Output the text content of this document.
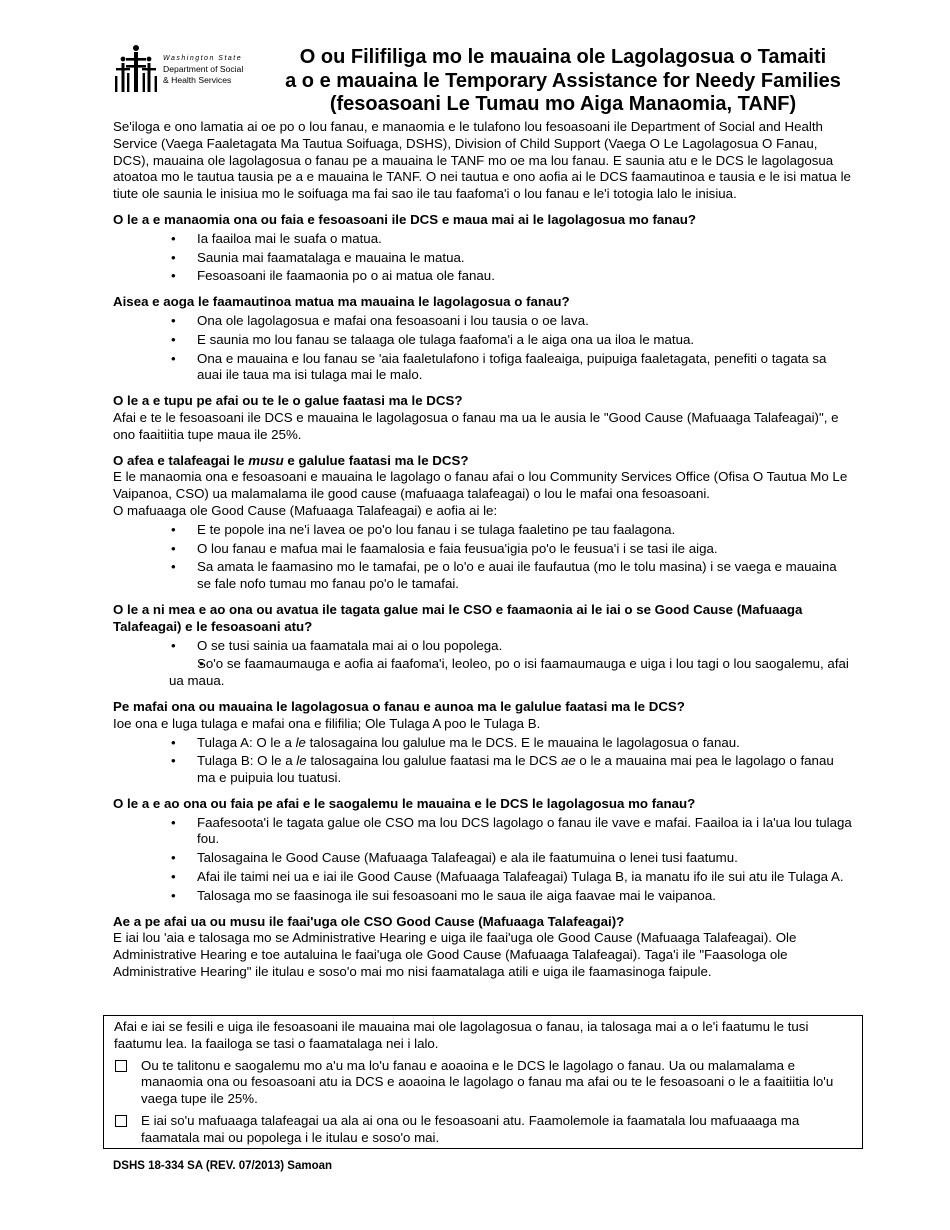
Washington State
Department of Social
& Health Services
O ou Filifiliga mo le mauaina ole Lagolagosua o Tamaiti
a o e mauaina le Temporary Assistance for Needy Families
(fesoasoani Le Tumau mo Aiga Manaomia, TANF)

Se'iloga e ono lamatia ai oe po o lou fanau, e manaomia e le tulafono lou fesoasoani ile Department of Social and Health Service (Vaega Faaletagata Ma Tautua Soifuaga, DSHS), Division of Child Support (Vaega O Le Lagolagosua O Fanau, DCS), mauaina ole lagolagosua o fanau pe a mauaina le TANF mo oe ma lou fanau. E saunia atu e le DCS le lagolagosua atoatoa mo le tautua tausia pe a e mauaina le TANF. O nei tautua e ono aofia ai le DCS faamautinoa e tausia e le isi matua le tiute ole saunia le inisiua mo le soifuaga ma fai sao ile tau faafoma'i o lou fanau e le'i totogia lalo le inisiua.

O le a e manaomia ona ou faia e fesoasoani ile DCS e maua mai ai le lagolagosua mo fanau?

• Ia faailoa mai le suafa o matua.
• Saunia mai faamatalaga e mauaina le matua.
• Fesoasoani ile faamaonia po o ai matua ole fanau.

Aisea e aoga le faamautinoa matua ma mauaina le lagolagosua o fanau?

• Ona ole lagolagosua e mafai ona fesoasoani i lou tausia o oe lava.
• E saunia mo lou fanau se talaaga ole tulaga faafoma'i a le aiga ona ua iloa le matua.
• Ona e mauaina e lou fanau se 'aia faaletulafono i tofiga faaleaiga, puipuiga faaletagata, penefiti o tagata sa auai ile taua ma isi tulaga mai le malo.

O le a e tupu pe afai ou te le o galue faatasi ma le DCS?

Afai e te le fesoasoani ile DCS e mauaina le lagolagosua o fanau ma ua le ausia le "Good Cause (Mafuaaga Talafeagai)", e ono faaitiitia tupe maua ile 25%.

O afea e talafeagai le musu e galulue faatasi ma le DCS?

E le manaomia ona e fesoasoani e mauaina le lagolago o fanau afai o lou Community Services Office (Ofisa O Tautua Mo Le Vaipanoa, CSO) ua malamalama ile good cause (mafuaaga talafeagai) o lou le mafai ona fesoasoani.

O mafuaaga ole Good Cause (Mafuaaga Talafeagai) e aofia ai le:

• E te popole ina ne'i lavea oe po'o lou fanau i se tulaga faaletino pe tau faalagona.
• O lou fanau e mafua mai le faamalosia e faia feusua'igia po'o le feusua'i i se tasi ile aiga.
• Sa amata le faamasino mo le tamafai, pe o lo'o e auai ile faufautua (mo le tolu masina) i se vaega e mauaina se fale nofo tumau mo fanau po'o le tamafai.

O le a ni mea e ao ona ou avatua ile tagata galue mai le CSO e faamaonia ai le iai o se Good Cause (Mafuaaga Talafeagai) e le fesoasoani atu?

• O se tusi sainia ua faamatala mai ai o lou popolega.
• So'o se faamaumauga e aofia ai faafoma'i, leoleo, po o isi faamaumauga e uiga i lou tagi o lou saogalemu, afai ua maua.

Pe mafai ona ou mauaina le lagolagosua o fanau e aunoa ma le galulue faatasi ma le DCS?

Ioe ona e luga tulaga e mafai ona e filifilia; Ole Tulaga A poo le Tulaga B.

• Tulaga A: O le a le talosagaina lou galulue ma le DCS. E le mauaina le lagolagosua o fanau.
• Tulaga B: O le a le talosagaina lou galulue faatasi ma le DCS ae o le a mauaina mai pea le lagolago o fanau ma e puipuia lou tuatusi.

O le a e ao ona ou faia pe afai e le saogalemu le mauaina e le DCS le lagolagosua mo fanau?

• Faafesoota'i le tagata galue ole CSO ma lou DCS lagolago o fanau ile vave e mafai. Faailoa ia i la'ua lou tulaga fou.
• Talosagaina le Good Cause (Mafuaaga Talafeagai) e ala ile faatumuina o lenei tusi faatumu.
• Afai ile taimi nei ua e iai ile Good Cause (Mafuaaga Talafeagai) Tulaga B, ia manatu ifo ile sui atu ile Tulaga A.
• Talosaga mo se faasinoga ile sui fesoasoani mo le saua ile aiga faavae mai le vaipanoa.

Ae a pe afai ua ou musu ile faai'uga ole CSO Good Cause (Mafuaaga Talafeagai)?

E iai lou 'aia e talosaga mo se Administrative Hearing e uiga ile faai'uga ole Good Cause (Mafuaaga Talafeagai). Ole Administrative Hearing e toe autaluina le faai'uga ole Good Cause (Mafuaaga Talafeagai). Taga'i ile "Faasologa ole Administrative Hearing" ile itulau e soso'o mai mo nisi faamatalaga atili e uiga ile faamasinoga faipule.

Afai e iai se fesili e uiga ile fesoasoani ile mauaina mai ole lagolagosua o fanau, ia talosaga mai a o le'i faatumu le tusi faatumu lea. Ia faailoga se tasi o faamatalaga nei i lalo.

Ou te talitonu e saogalemu mo a'u ma lo'u fanau e aoaoina e le DCS le lagolago o fanau. Ua ou malamalama e manaomia ona ou fesoasoani atu ia DCS e aoaoina le lagolago o fanau ma afai ou te le fesoasoani o le a faaitiitia lo'u vaega tupe ile 25%.
E iai so'u mafuaaga talafeagai ua ala ai ona ou le fesoasoani atu. Faamolemole ia faamatala lou mafuaaaga ma faamatala mai ou popolega i le itulau e soso'o mai.
DSHS 18-334 SA (REV. 07/2013) Samoan
